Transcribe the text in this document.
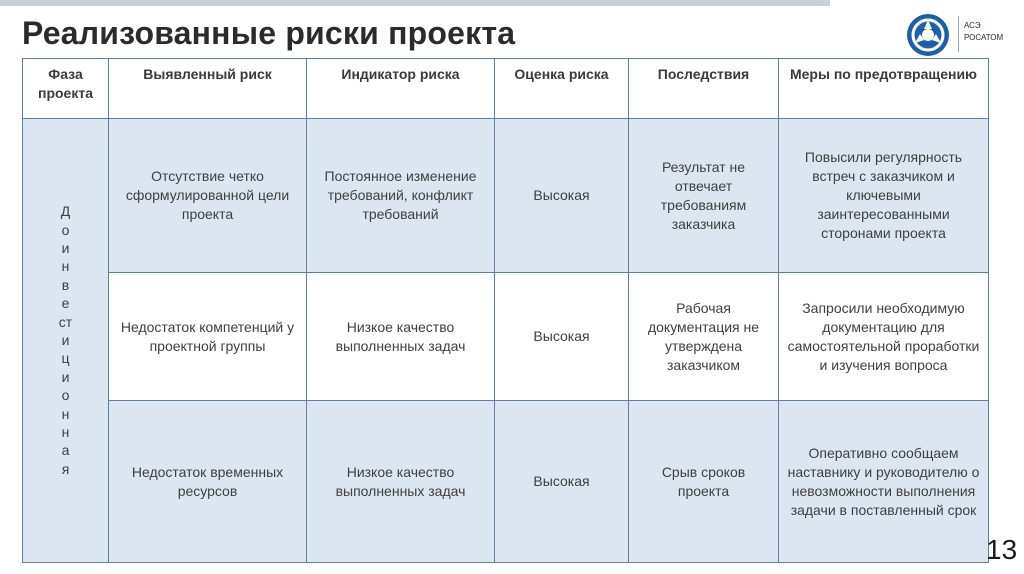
Реализованные риски проекта	АСЭ
РОСАТОМ
Фаза проекта	Выявленный риск	Индикатор риска	Оценка риска	Последствия	Меры по предотвращению
Доинвестиционная	Отсутствие четко сформулированной цели проекта	Постоянное изменение требований, конфликт требований	Высокая	Результат не отвечает требованиям заказчика	Повысили регулярность встреч с заказчиком и ключевыми заинтересованными сторонами проекта
	Недостаток компетенций у проектной группы	Низкое качество выполненных задач	Высокая	Рабочая документация не утверждена заказчиком	Запросили необходимую документацию для самостоятельной проработки и изучения вопроса
	Недостаток временных ресурсов	Низкое качество выполненных задач	Высокая	Срыв сроков проекта	Оперативно сообщаем наставнику и руководителю о невозможности выполнения задачи в поставленный срок
13
